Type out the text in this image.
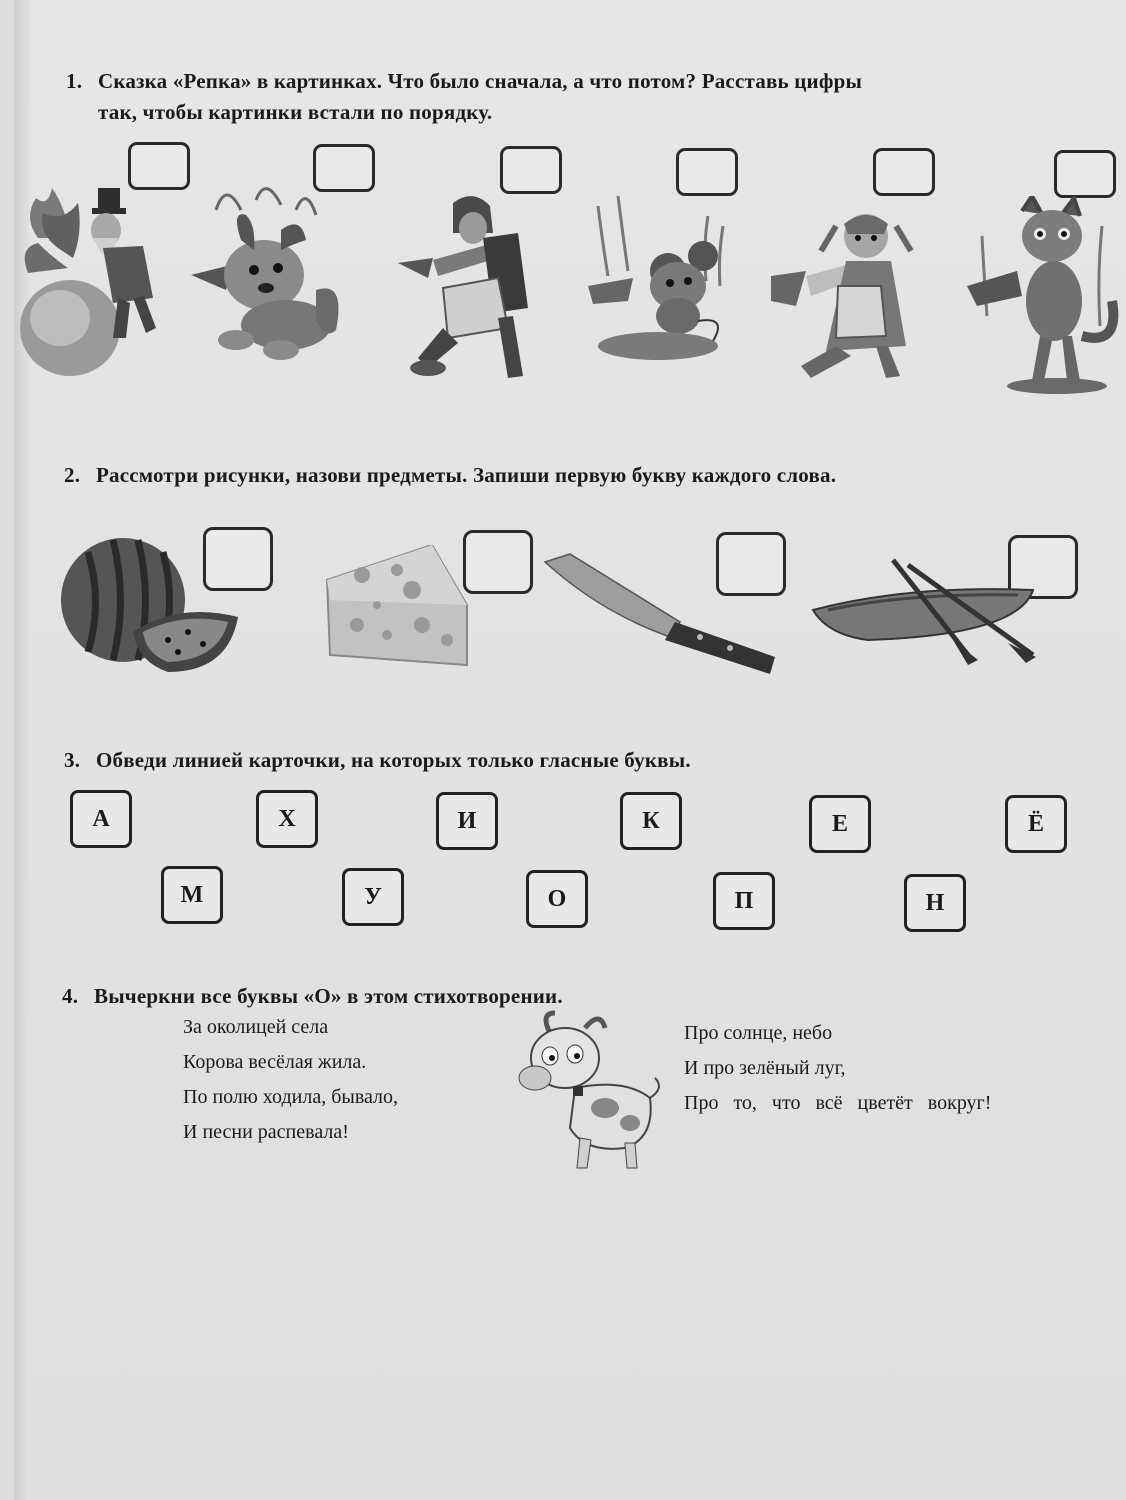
1. Сказка «Репка» в картинках. Что было сначала, а что потом? Расставь цифры
так, чтобы картинки встали по порядку.
2. Рассмотри рисунки, назови предметы. Запиши первую букву каждого слова.
3. Обведи линией карточки, на которых только гласные буквы.
А	Х	И	К	Е	Ё
М	У	О	П	Н
4. Вычеркни все буквы «О» в этом стихотворении.
За околицей села
Корова весёлая жила.
По полю ходила, бывало,
И песни распевала!
Про солнце, небо
И про зелёный луг,
Про то, что всё цветёт вокруг!
